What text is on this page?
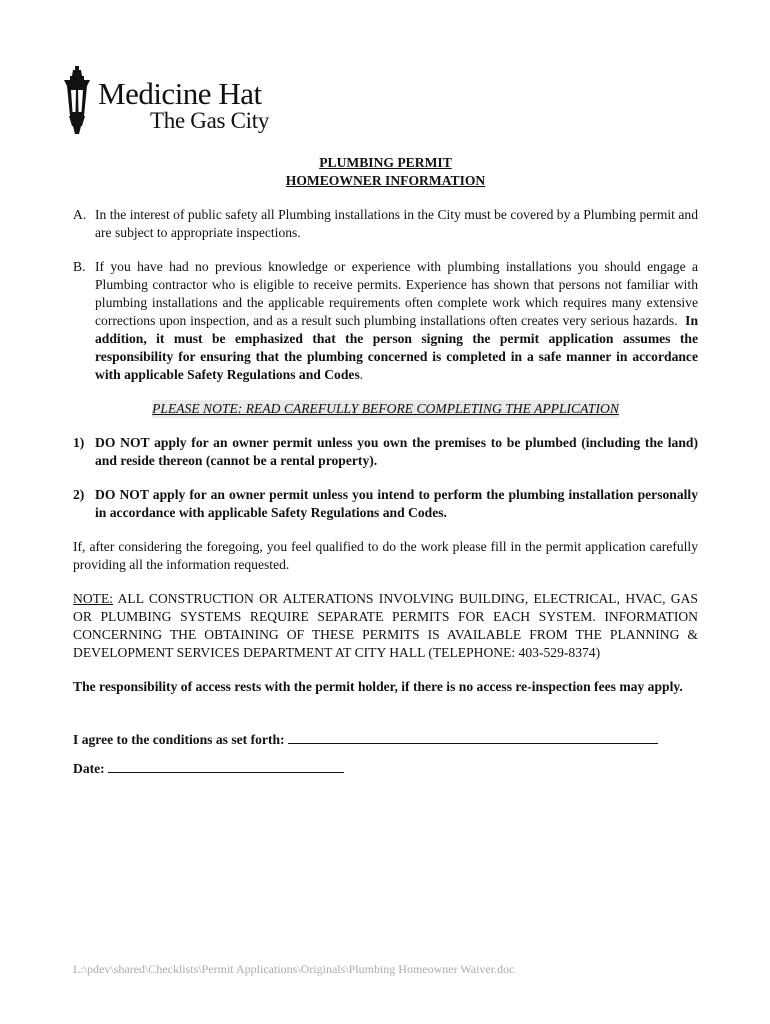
Medicine Hat
The Gas City
PLUMBING PERMIT
HOMEOWNER INFORMATION
A. In the interest of public safety all Plumbing installations in the City must be covered by a Plumbing permit and are subject to appropriate inspections.
B. If you have had no previous knowledge or experience with plumbing installations you should engage a Plumbing contractor who is eligible to receive permits. Experience has shown that persons not familiar with plumbing installations and the applicable requirements often complete work which requires many extensive corrections upon inspection, and as a result such plumbing installations often creates very serious hazards. In addition, it must be emphasized that the person signing the permit application assumes the responsibility for ensuring that the plumbing concerned is completed in a safe manner in accordance with applicable Safety Regulations and Codes.
PLEASE NOTE: READ CAREFULLY BEFORE COMPLETING THE APPLICATION
1) DO NOT apply for an owner permit unless you own the premises to be plumbed (including the land) and reside thereon (cannot be a rental property).
2) DO NOT apply for an owner permit unless you intend to perform the plumbing installation personally in accordance with applicable Safety Regulations and Codes.

If, after considering the foregoing, you feel qualified to do the work please fill in the permit application carefully providing all the information requested.

NOTE: ALL CONSTRUCTION OR ALTERATIONS INVOLVING BUILDING, ELECTRICAL, HVAC, GAS OR PLUMBING SYSTEMS REQUIRE SEPARATE PERMITS FOR EACH SYSTEM. INFORMATION CONCERNING THE OBTAINING OF THESE PERMITS IS AVAILABLE FROM THE PLANNING & DEVELOPMENT SERVICES DEPARTMENT AT CITY HALL (TELEPHONE: 403-529-8374)

The responsibility of access rests with the permit holder, if there is no access re-inspection fees may apply.

I agree to the conditions as set forth:
Date:
L:\pdev\shared\Checklists\Permit Applications\Originals\Plumbing Homeowner Waiver.doc
